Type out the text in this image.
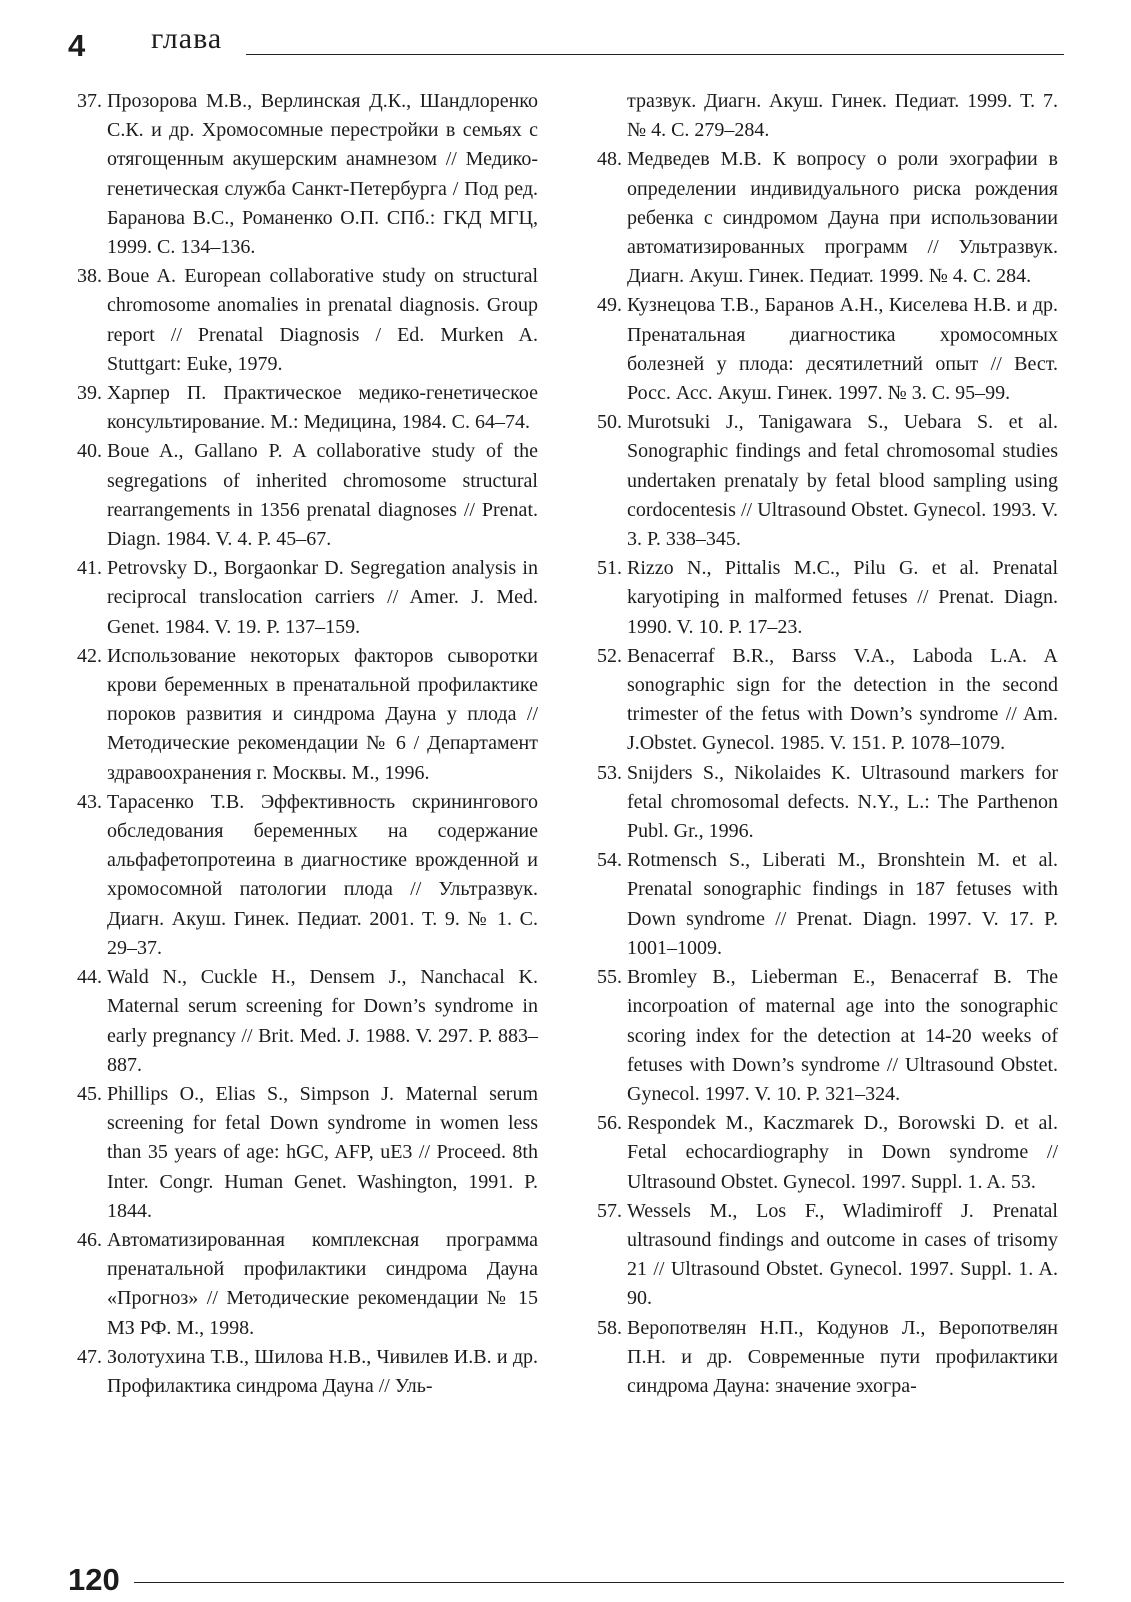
4 глава
37. Прозорова М.В., Верлинская Д.К., Шандлоренко С.К. и др. Хромосомные перестройки в семьях с отягощенным акушерским анамнезом // Медико-генетическая служба Санкт-Петербурга / Под ред. Баранова В.С., Романенко О.П. СПб.: ГКД МГЦ, 1999. С. 134–136.
38. Boue A. European collaborative study on structural chromosome anomalies in prenatal diagnosis. Group report // Prenatal Diagnosis / Ed. Murken A. Stuttgart: Euke, 1979.
39. Харпер П. Практическое медико-генетическое консультирование. М.: Медицина, 1984. С. 64–74.
40. Boue A., Gallano P. A collaborative study of the segregations of inherited chromosome structural rearrangements in 1356 prenatal diagnoses // Prenat. Diagn. 1984. V. 4. P. 45–67.
41. Petrovsky D., Borgaonkar D. Segregation analysis in reciprocal translocation carriers // Amer. J. Med. Genet. 1984. V. 19. P. 137–159.
42. Использование некоторых факторов сыворотки крови беременных в пренатальной профилактике пороков развития и синдрома Дауна у плода // Методические рекомендации № 6 / Департамент здравоохранения г. Москвы. М., 1996.
43. Тарасенко Т.В. Эффективность скринингового обследования беременных на содержание альфафетопротеина в диагностике врожденной и хромосомной патологии плода // Ультразвук. Диагн. Акуш. Гинек. Педиат. 2001. Т. 9. № 1. С. 29–37.
44. Wald N., Cuckle H., Densem J., Nanchacal K. Maternal serum screening for Down’s syndrome in early pregnancy // Brit. Med. J. 1988. V. 297. P. 883–887.
45. Phillips O., Elias S., Simpson J. Maternal serum screening for fetal Down syndrome in women less than 35 years of age: hGC, AFP, uE3 // Proceed. 8th Inter. Congr. Human Genet. Washington, 1991. P. 1844.
46. Автоматизированная комплексная программа пренатальной профилактики синдрома Дауна «Прогноз» // Методические рекомендации № 15 МЗ РФ. М., 1998.
47. Золотухина Т.В., Шилова Н.В., Чивилев И.В. и др. Профилактика синдрома Дауна // Уль-
тразвук. Диагн. Акуш. Гинек. Педиат. 1999. Т. 7. № 4. С. 279–284.
48. Медведев М.В. К вопросу о роли эхографии в определении индивидуального риска рождения ребенка с синдромом Дауна при использовании автоматизированных программ // Ультразвук. Диагн. Акуш. Гинек. Педиат. 1999. № 4. С. 284.
49. Кузнецова Т.В., Баранов А.Н., Киселева Н.В. и др. Пренатальная диагностика хромосомных болезней у плода: десятилетний опыт // Вест. Росс. Асс. Акуш. Гинек. 1997. № 3. С. 95–99.
50. Murotsuki J., Tanigawara S., Uebara S. et al. Sonographic findings and fetal chromosomal studies undertaken prenataly by fetal blood sampling using cordocentesis // Ultrasound Obstet. Gynecol. 1993. V. 3. P. 338–345.
51. Rizzo N., Pittalis M.C., Pilu G. et al. Prenatal karyotiping in malformed fetuses // Prenat. Diagn. 1990. V. 10. P. 17–23.
52. Benacerraf B.R., Barss V.A., Laboda L.A. A sonographic sign for the detection in the second trimester of the fetus with Down’s syndrome // Am. J.Obstet. Gynecol. 1985. V. 151. P. 1078–1079.
53. Snijders S., Nikolaides K. Ultrasound markers for fetal chromosomal defects. N.Y., L.: The Parthenon Publ. Gr., 1996.
54. Rotmensch S., Liberati M., Bronshtein M. et al. Prenatal sonographic findings in 187 fetuses with Down syndrome // Prenat. Diagn. 1997. V. 17. P. 1001–1009.
55. Bromley B., Lieberman E., Benacerraf B. The incorpoation of maternal age into the sonographic scoring index for the detection at 14-20 weeks of fetuses with Down’s syndrome // Ultrasound Obstet. Gynecol. 1997. V. 10. P. 321–324.
56. Respondek M., Kaczmarek D., Borowski D. et al. Fetal echocardiography in Down syndrome // Ultrasound Obstet. Gynecol. 1997. Suppl. 1. A. 53.
57. Wessels M., Los F., Wladimiroff J. Prenatal ultrasound findings and outcome in cases of trisomy 21 // Ultrasound Obstet. Gynecol. 1997. Suppl. 1. A. 90.
58. Веропотвелян Н.П., Кодунов Л., Веропотвелян П.Н. и др. Современные пути профилактики синдрома Дауна: значение эхогра-
120
